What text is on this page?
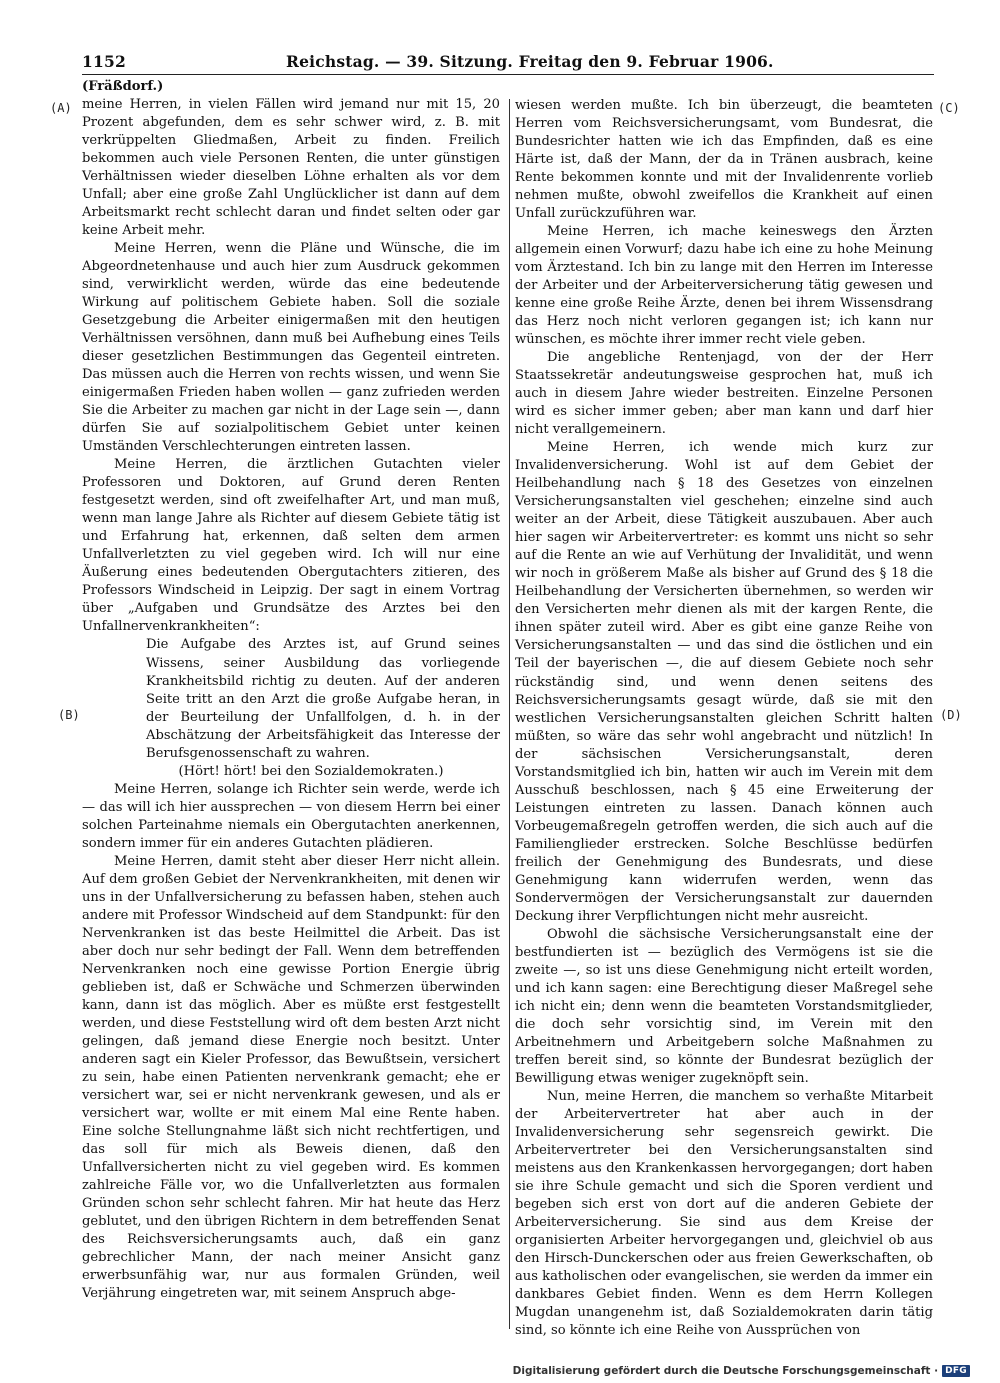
1152	Reichstag. — 39. Sitzung. Freitag den 9. Februar 1906.
(A)
(B)
(C)
(D)

(Fräßdorf.)

meine Herren, in vielen Fällen wird jemand nur mit 15, 20 Prozent abgefunden, dem es sehr schwer wird, z. B. mit verkrüppelten Gliedmaßen, Arbeit zu finden. Freilich bekommen auch viele Personen Renten, die unter günstigen Verhältnissen wieder dieselben Löhne erhalten als vor dem Unfall; aber eine große Zahl Unglücklicher ist dann auf dem Arbeitsmarkt recht schlecht daran und findet selten oder gar keine Arbeit mehr.

Meine Herren, wenn die Pläne und Wünsche, die im Abgeordnetenhause und auch hier zum Ausdruck gekommen sind, verwirklicht werden, würde das eine bedeutende Wirkung auf politischem Gebiete haben. Soll die soziale Gesetzgebung die Arbeiter einigermaßen mit den heutigen Verhältnissen versöhnen, dann muß bei Aufhebung eines Teils dieser gesetzlichen Bestimmungen das Gegenteil eintreten. Das müssen auch die Herren von rechts wissen, und wenn Sie einigermaßen Frieden haben wollen — ganz zufrieden werden Sie die Arbeiter zu machen gar nicht in der Lage sein —, dann dürfen Sie auf sozialpolitischem Gebiet unter keinen Umständen Verschlechterungen eintreten lassen.

Meine Herren, die ärztlichen Gutachten vieler Professoren und Doktoren, auf Grund deren Renten festgesetzt werden, sind oft zweifelhafter Art, und man muß, wenn man lange Jahre als Richter auf diesem Gebiete tätig ist und Erfahrung hat, erkennen, daß selten dem armen Unfallverletzten zu viel gegeben wird. Ich will nur eine Äußerung eines bedeutenden Obergutachters zitieren, des Professors Windscheid in Leipzig. Der sagt in einem Vortrag über „Aufgaben und Grundsätze des Arztes bei den Unfallnervenkrankheiten“:

Die Aufgabe des Arztes ist, auf Grund seines Wissens, seiner Ausbildung das vorliegende Krankheitsbild richtig zu deuten. Auf der anderen Seite tritt an den Arzt die große Aufgabe heran, in der Beurteilung der Unfallfolgen, d. h. in der Abschätzung der Arbeitsfähigkeit das Interesse der Berufsgenossenschaft zu wahren.

(Hört! hört! bei den Sozialdemokraten.)

Meine Herren, solange ich Richter sein werde, werde ich — das will ich hier aussprechen — von diesem Herrn bei einer solchen Parteinahme niemals ein Obergutachten anerkennen, sondern immer für ein anderes Gutachten plädieren.

Meine Herren, damit steht aber dieser Herr nicht allein. Auf dem großen Gebiet der Nervenkrankheiten, mit denen wir uns in der Unfallversicherung zu befassen haben, stehen auch andere mit Professor Windscheid auf dem Standpunkt: für den Nervenkranken ist das beste Heilmittel die Arbeit. Das ist aber doch nur sehr bedingt der Fall. Wenn dem betreffenden Nervenkranken noch eine gewisse Portion Energie übrig geblieben ist, daß er Schwäche und Schmerzen überwinden kann, dann ist das möglich. Aber es müßte erst festgestellt werden, und diese Feststellung wird oft dem besten Arzt nicht gelingen, daß jemand diese Energie noch besitzt. Unter anderen sagt ein Kieler Professor, das Bewußtsein, versichert zu sein, habe einen Patienten nervenkrank gemacht; ehe er versichert war, sei er nicht nervenkrank gewesen, und als er versichert war, wollte er mit einem Mal eine Rente haben. Eine solche Stellungnahme läßt sich nicht rechtfertigen, und das soll für mich als Beweis dienen, daß den Unfallversicherten nicht zu viel gegeben wird. Es kommen zahlreiche Fälle vor, wo die Unfallverletzten aus formalen Gründen schon sehr schlecht fahren. Mir hat heute das Herz geblutet, und den übrigen Richtern in dem betreffenden Senat des Reichsversicherungsamts auch, daß ein ganz gebrechlicher Mann, der nach meiner Ansicht ganz erwerbsunfähig war, nur aus formalen Gründen, weil Verjährung eingetreten war, mit seinem Anspruch abge-

wiesen werden mußte. Ich bin überzeugt, die beamteten Herren vom Reichsversicherungsamt, vom Bundesrat, die Bundesrichter hatten wie ich das Empfinden, daß es eine Härte ist, daß der Mann, der da in Tränen ausbrach, keine Rente bekommen konnte und mit der Invalidenrente vorlieb nehmen mußte, obwohl zweifellos die Krankheit auf einen Unfall zurückzuführen war.

Meine Herren, ich mache keineswegs den Ärzten allgemein einen Vorwurf; dazu habe ich eine zu hohe Meinung vom Ärztestand. Ich bin zu lange mit den Herren im Interesse der Arbeiter und der Arbeiterversicherung tätig gewesen und kenne eine große Reihe Ärzte, denen bei ihrem Wissensdrang das Herz noch nicht verloren gegangen ist; ich kann nur wünschen, es möchte ihrer immer recht viele geben.

Die angebliche Rentenjagd, von der der Herr Staatssekretär andeutungsweise gesprochen hat, muß ich auch in diesem Jahre wieder bestreiten. Einzelne Personen wird es sicher immer geben; aber man kann und darf hier nicht verallgemeinern.

Meine Herren, ich wende mich kurz zur Invalidenversicherung. Wohl ist auf dem Gebiet der Heilbehandlung nach § 18 des Gesetzes von einzelnen Versicherungsanstalten viel geschehen; einzelne sind auch weiter an der Arbeit, diese Tätigkeit auszubauen. Aber auch hier sagen wir Arbeitervertreter: es kommt uns nicht so sehr auf die Rente an wie auf Verhütung der Invalidität, und wenn wir noch in größerem Maße als bisher auf Grund des § 18 die Heilbehandlung der Versicherten übernehmen, so werden wir den Versicherten mehr dienen als mit der kargen Rente, die ihnen später zuteil wird. Aber es gibt eine ganze Reihe von Versicherungsanstalten — und das sind die östlichen und ein Teil der bayerischen —, die auf diesem Gebiete noch sehr rückständig sind, und wenn denen seitens des Reichsversicherungsamts gesagt würde, daß sie mit den westlichen Versicherungsanstalten gleichen Schritt halten müßten, so wäre das sehr wohl angebracht und nützlich! In der sächsischen Versicherungsanstalt, deren Vorstandsmitglied ich bin, hatten wir auch im Verein mit dem Ausschuß beschlossen, nach § 45 eine Erweiterung der Leistungen eintreten zu lassen. Danach können auch Vorbeugemaßregeln getroffen werden, die sich auch auf die Familienglieder erstrecken. Solche Beschlüsse bedürfen freilich der Genehmigung des Bundesrats, und diese Genehmigung kann widerrufen werden, wenn das Sondervermögen der Versicherungsanstalt zur dauernden Deckung ihrer Verpflichtungen nicht mehr ausreicht.

Obwohl die sächsische Versicherungsanstalt eine der bestfundierten ist — bezüglich des Vermögens ist sie die zweite —, so ist uns diese Genehmigung nicht erteilt worden, und ich kann sagen: eine Berechtigung dieser Maßregel sehe ich nicht ein; denn wenn die beamteten Vorstandsmitglieder, die doch sehr vorsichtig sind, im Verein mit den Arbeitnehmern und Arbeitgebern solche Maßnahmen zu treffen bereit sind, so könnte der Bundesrat bezüglich der Bewilligung etwas weniger zugeknöpft sein.

Nun, meine Herren, die manchem so verhaßte Mitarbeit der Arbeitervertreter hat aber auch in der Invalidenversicherung sehr segensreich gewirkt. Die Arbeitervertreter bei den Versicherungsanstalten sind meistens aus den Krankenkassen hervorgegangen; dort haben sie ihre Schule gemacht und sich die Sporen verdient und begeben sich erst von dort auf die anderen Gebiete der Arbeiterversicherung. Sie sind aus dem Kreise der organisierten Arbeiter hervorgegangen und, gleichviel ob aus den Hirsch-Dunckerschen oder aus freien Gewerkschaften, ob aus katholischen oder evangelischen, sie werden da immer ein dankbares Gebiet finden. Wenn es dem Herrn Kollegen Mugdan unangenehm ist, daß Sozialdemokraten darin tätig sind, so könnte ich eine Reihe von Aussprüchen von

Digitalisierung gefördert durch die Deutsche Forschungsgemeinschaft · DFG
